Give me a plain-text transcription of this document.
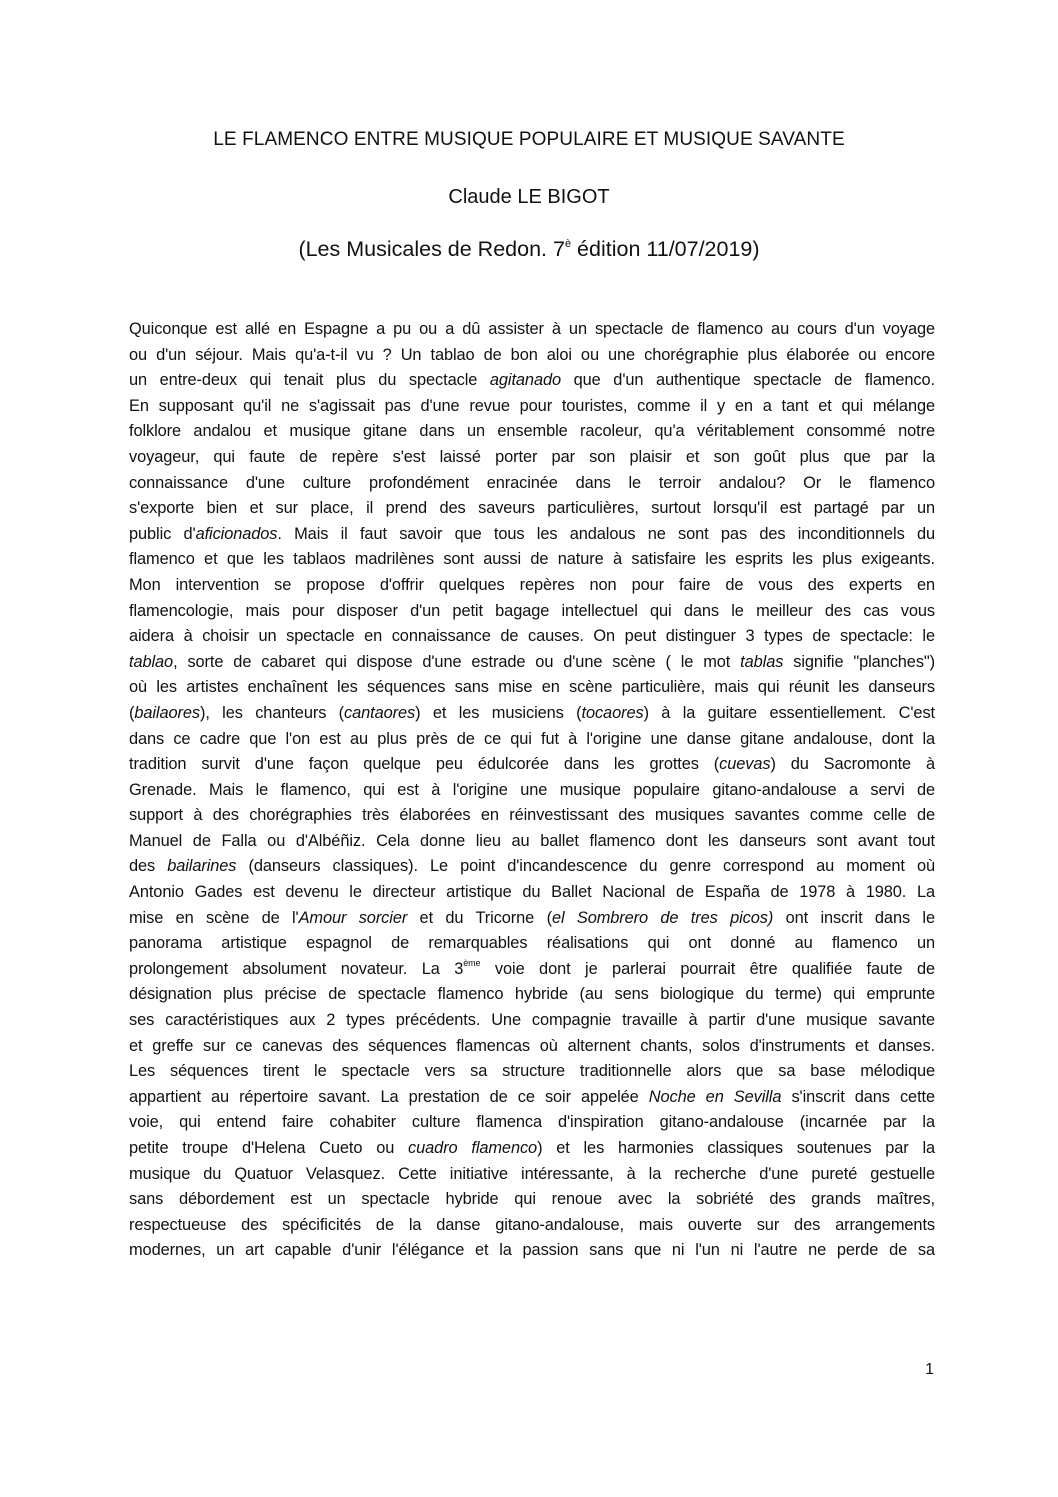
LE FLAMENCO ENTRE MUSIQUE POPULAIRE ET MUSIQUE SAVANTE
Claude LE BIGOT
(Les Musicales de Redon. $7^è$ édition 11/07/2019)
Quiconque est allé en Espagne a pu ou a dû assister à un spectacle de flamenco au cours d'un voyage
ou d'un séjour. Mais qu'a-t-il vu ? Un tablao de bon aloi ou une chorégraphie plus élaborée ou encore
un entre-deux qui tenait plus du spectacle agitanado que d'un authentique spectacle de flamenco.
En supposant qu'il ne s'agissait pas d'une revue pour touristes, comme il y en a tant et qui mélange
folklore andalou et musique gitane dans un ensemble racoleur, qu'a véritablement consommé notre
voyageur, qui faute de repère s'est laissé porter par son plaisir et son goût plus que par la
connaissance d'une culture profondément enracinée dans le terroir andalou? Or le flamenco
s'exporte bien et sur place, il prend des saveurs particulières, surtout lorsqu'il est partagé par un
public d'aficionados. Mais il faut savoir que tous les andalous ne sont pas des inconditionnels du
flamenco et que les tablaos madrilènes sont aussi de nature à satisfaire les esprits les plus exigeants.
Mon intervention se propose d'offrir quelques repères non pour faire de vous des experts en
flamencologie, mais pour disposer d'un petit bagage intellectuel qui dans le meilleur des cas vous
aidera à choisir un spectacle en connaissance de causes. On peut distinguer 3 types de spectacle: le
tablao, sorte de cabaret qui dispose d'une estrade ou d'une scène ( le mot tablas signifie "planches")
où les artistes enchaînent les séquences sans mise en scène particulière, mais qui réunit les danseurs
(bailaores), les chanteurs (cantaores) et les musiciens (tocaores) à la guitare essentiellement. C'est
dans ce cadre que l'on est au plus près de ce qui fut à l'origine une danse gitane andalouse, dont la
tradition survit d'une façon quelque peu édulcorée dans les grottes (cuevas) du Sacromonte à
Grenade. Mais le flamenco, qui est à l'origine une musique populaire gitano-andalouse a servi de
support à des chorégraphies très élaborées en réinvestissant des musiques savantes comme celle de
Manuel de Falla ou d'Albéñiz. Cela donne lieu au ballet flamenco dont les danseurs sont avant tout
des bailarines (danseurs classiques). Le point d'incandescence du genre correspond au moment où
Antonio Gades est devenu le directeur artistique du Ballet Nacional de España de 1978 à 1980. La
mise en scène de l'Amour sorcier et du Tricorne (el Sombrero de tres picos) ont inscrit dans le
panorama artistique espagnol de remarquables réalisations qui ont donné au flamenco un
prolongement absolument novateur. La 3ème voie dont je parlerai pourrait être qualifiée faute de
désignation plus précise de spectacle flamenco hybride (au sens biologique du terme) qui emprunte
ses caractéristiques aux 2 types précédents. Une compagnie travaille à partir d'une musique savante
et greffe sur ce canevas des séquences flamencas où alternent chants, solos d'instruments et danses.
Les séquences tirent le spectacle vers sa structure traditionnelle alors que sa base mélodique
appartient au répertoire savant. La prestation de ce soir appelée Noche en Sevilla s'inscrit dans cette
voie, qui entend faire cohabiter culture flamenca d'inspiration gitano-andalouse (incarnée par la
petite troupe d'Helena Cueto ou cuadro flamenco) et les harmonies classiques soutenues par la
musique du Quatuor Velasquez. Cette initiative intéressante, à la recherche d'une pureté gestuelle
sans débordement est un spectacle hybride qui renoue avec la sobriété des grands maîtres,
respectueuse des spécificités de la danse gitano-andalouse, mais ouverte sur des arrangements
modernes, un art capable d'unir l'élégance et la passion sans que ni l'un ni l'autre ne perde de sa
1
